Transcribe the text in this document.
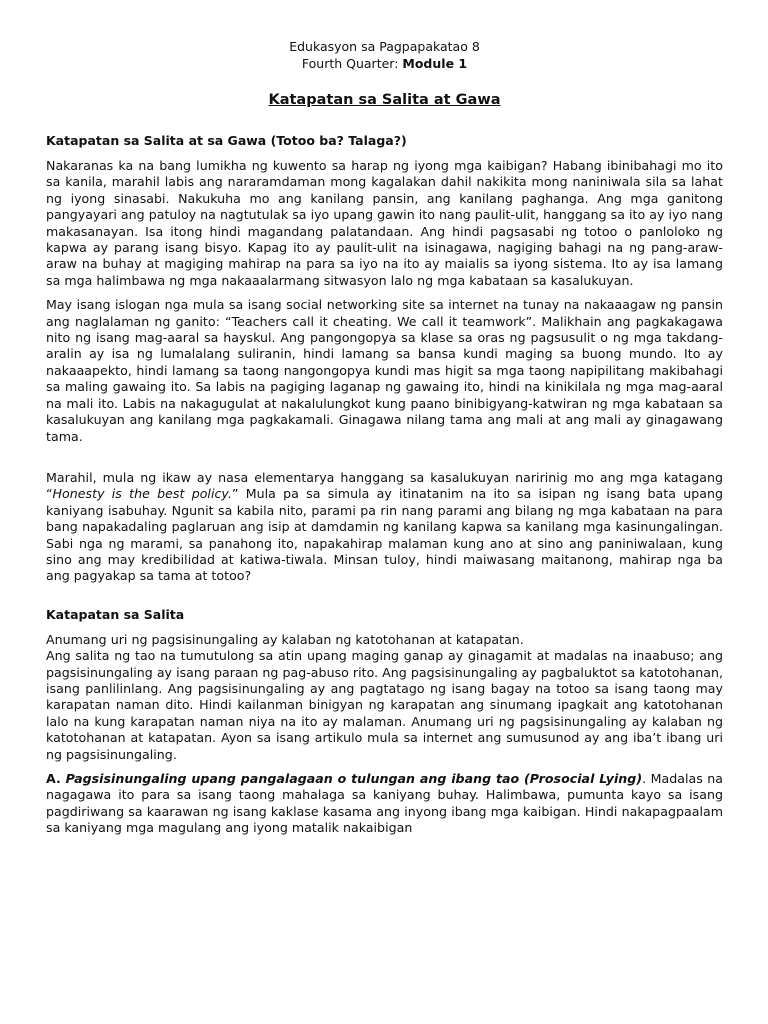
Edukasyon sa Pagpapakatao 8
Fourth Quarter: Module 1
Katapatan sa Salita at Gawa
Katapatan sa Salita at sa Gawa (Totoo ba? Talaga?)

Nakaranas ka na bang lumikha ng kuwento sa harap ng iyong mga kaibigan? Habang ibinibahagi mo ito sa kanila, marahil labis ang nararamdaman mong kagalakan dahil nakikita mong naniniwala sila sa lahat ng iyong sinasabi. Nakukuha mo ang kanilang pansin, ang kanilang paghanga. Ang mga ganitong pangyayari ang patuloy na nagtutulak sa iyo upang gawin ito nang paulit-ulit, hanggang sa ito ay iyo nang makasanayan. Isa itong hindi magandang palatandaan. Ang hindi pagsasabi ng totoo o panloloko ng kapwa ay parang isang bisyo. Kapag ito ay paulit-ulit na isinagawa, nagiging bahagi na ng pang-araw-araw na buhay at magiging mahirap na para sa iyo na ito ay maialis sa iyong sistema. Ito ay isa lamang sa mga halimbawa ng mga nakaaalarmang sitwasyon lalo ng mga kabataan sa kasalukuyan.

May isang islogan nga mula sa isang social networking site sa internet na tunay na nakaaagaw ng pansin ang naglalaman ng ganito: “Teachers call it cheating. We call it teamwork”. Malikhain ang pagkakagawa nito ng isang mag-aaral sa hayskul. Ang pangongopya sa klase sa oras ng pagsusulit o ng mga takdang-aralin ay isa ng lumalalang suliranin, hindi lamang sa bansa kundi maging sa buong mundo. Ito ay nakaaapekto, hindi lamang sa taong nangongopya kundi mas higit sa mga taong napipilitang makibahagi sa maling gawaing ito. Sa labis na pagiging laganap ng gawaing ito, hindi na kinikilala ng mga mag-aaral na mali ito. Labis na nakagugulat at nakalulungkot kung paano binibigyang-katwiran ng mga kabataan sa kasalukuyan ang kanilang mga pagkakamali. Ginagawa nilang tama ang mali at ang mali ay ginagawang tama.

Marahil, mula ng ikaw ay nasa elementarya hanggang sa kasalukuyan naririnig mo ang mga katagang “Honesty is the best policy.” Mula pa sa simula ay itinatanim na ito sa isipan ng isang bata upang kaniyang isabuhay. Ngunit sa kabila nito, parami pa rin nang parami ang bilang ng mga kabataan na para bang napakadaling paglaruan ang isip at damdamin ng kanilang kapwa sa kanilang mga kasinungalingan. Sabi nga ng marami, sa panahong ito, napakahirap malaman kung ano at sino ang paniniwalaan, kung sino ang may kredibilidad at katiwa-tiwala. Minsan tuloy, hindi maiwasang maitanong, mahirap nga ba ang pagyakap sa tama at totoo?

Katapatan sa Salita

Anumang uri ng pagsisinungaling ay kalaban ng katotohanan at katapatan.

Ang salita ng tao na tumutulong sa atin upang maging ganap ay ginagamit at madalas na inaabuso; ang pagsisinungaling ay isang paraan ng pag-abuso rito. Ang pagsisinungaling ay pagbaluktot sa katotohanan, isang panlilinlang. Ang pagsisinungaling ay ang pagtatago ng isang bagay na totoo sa isang taong may karapatan naman dito. Hindi kailanman binigyan ng karapatan ang sinumang ipagkait ang katotohanan lalo na kung karapatan naman niya na ito ay malaman. Anumang uri ng pagsisinungaling ay kalaban ng katotohanan at katapatan. Ayon sa isang artikulo mula sa internet ang sumusunod ay ang iba’t ibang uri ng pagsisinungaling.

A. Pagsisinungaling upang pangalagaan o tulungan ang ibang tao (Prosocial Lying). Madalas na nagagawa ito para sa isang taong mahalaga sa kaniyang buhay. Halimbawa, pumunta kayo sa isang pagdiriwang sa kaarawan ng isang kaklase kasama ang inyong ibang mga kaibigan. Hindi nakapagpaalam sa kaniyang mga magulang ang iyong matalik nakaibigan
